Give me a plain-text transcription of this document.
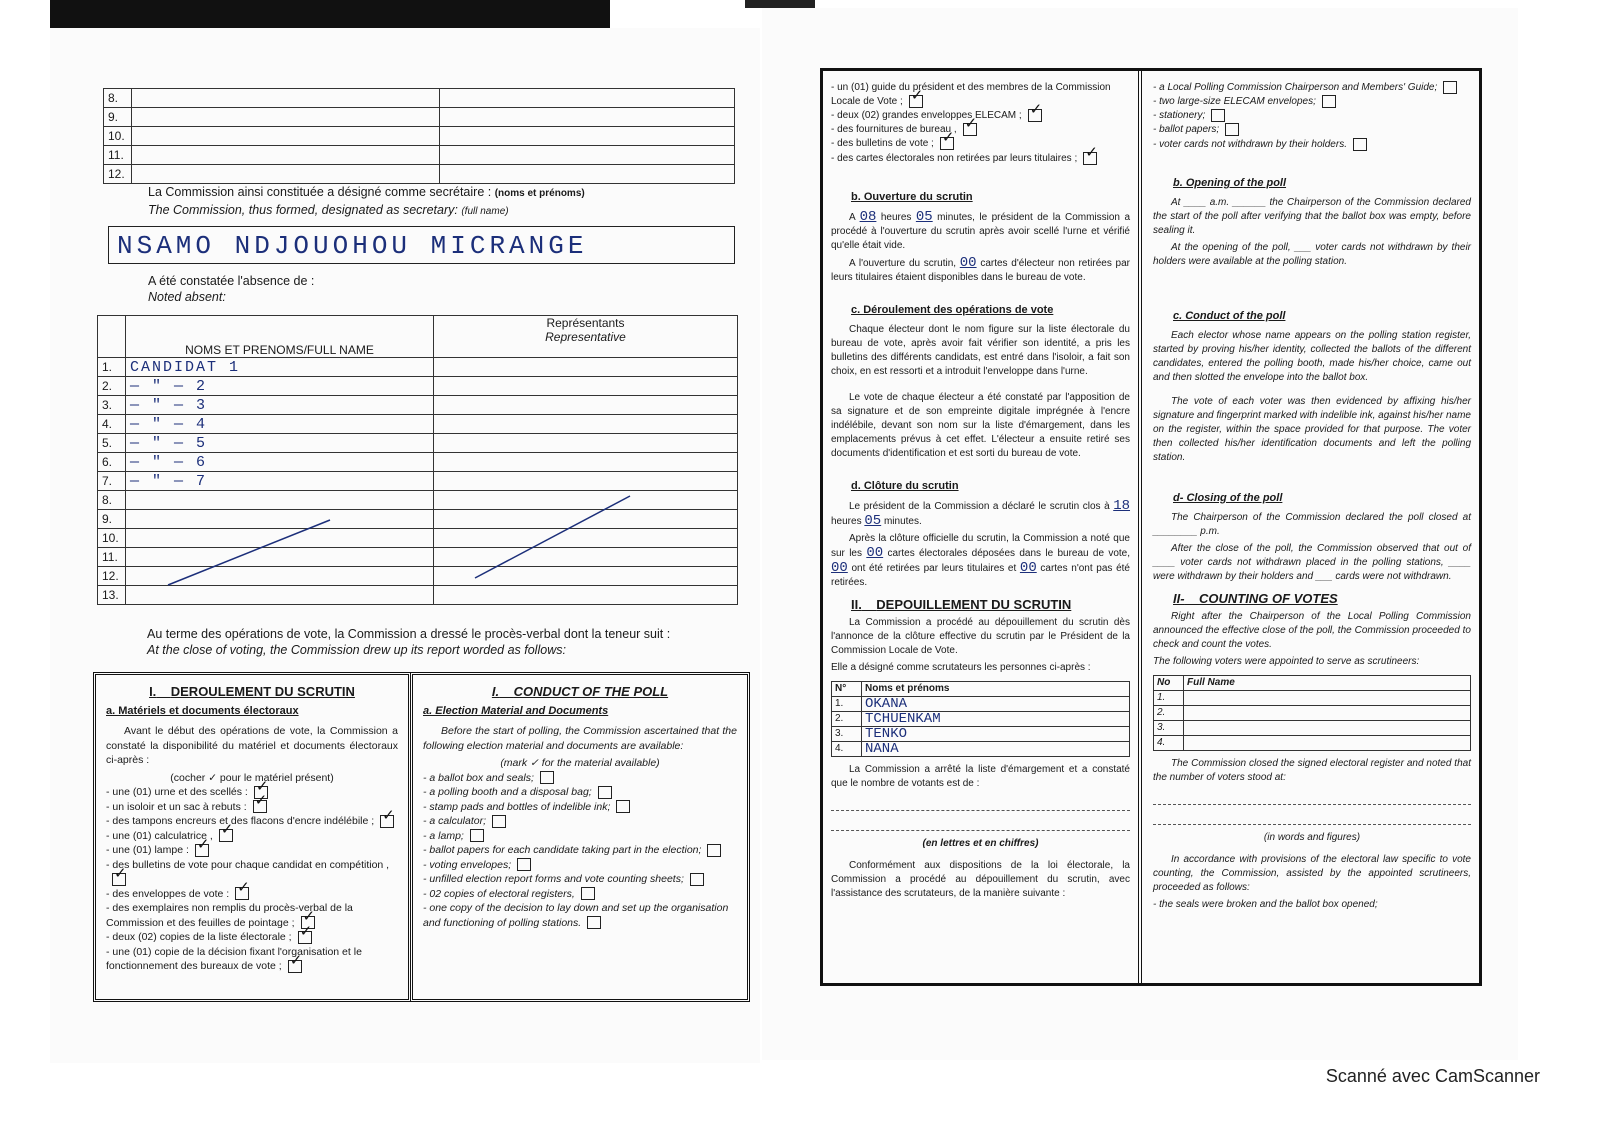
8.		
9.		
10.		
11.		
12.		
La Commission ainsi constituée a désigné comme secrétaire : (noms et prénoms)
The Commission, thus formed, designated as secretary: (full name)
NSAMO NDJOUOHOU MICRANGE
A été constatée l'absence de :
Noted absent:
	NOMS ET PRENOMS/FULL NAME	Représentants
Representative

1.	CANDIDAT 1	
2.	— " — 2	
3.	— " — 3	
4.	— " — 4	
5.	— " — 5	
6.	— " — 6	
7.	— " — 7	
8.		
9.		
10.		
11.		
12.		
13.		
Au terme des opérations de vote, la Commission a dressé le procès-verbal dont la teneur suit :
At the close of voting, the Commission drew up its report worded as follows:
I. DEROULEMENT DU SCRUTIN
a. Matériels et documents électoraux
Avant le début des opérations de vote, la Commission a constaté la disponibilité du matériel et documents électoraux ci-après :
(cocher ✓ pour le matériel présent)
- une (01) urne et des scellés :✓
- un isoloir et un sac à rebuts :✓
- des tampons encreurs et des flacons d'encre indélébile ;✓
- une (01) calculatrice ,✓
- une (01) lampe :✓
- des bulletins de vote pour chaque candidat en compétition ,✓
- des enveloppes de vote :✓
- des exemplaires non remplis du procès-verbal de la Commission et des feuilles de pointage ;✓
- deux (02) copies de la liste électorale ;✓
- une (01) copie de la décision fixant l'organisation et le fonctionnement des bureaux de vote ;✓
I. CONDUCT OF THE POLL
a. Election Material and Documents
Before the start of polling, the Commission ascertained that the following election material and documents are available:
(mark ✓ for the material available)
- a ballot box and seals;
- a polling booth and a disposal bag;
- stamp pads and bottles of indelible ink;
- a calculator;
- a lamp;
- ballot papers for each candidate taking part in the election;
- voting envelopes;
- unfilled election report forms and vote counting sheets;
- 02 copies of electoral registers,
- one copy of the decision to lay down and set up the organisation and functioning of polling stations.
- un (01) guide du président et des membres de la Commission Locale de Vote ;✓
- deux (02) grandes enveloppes ELECAM ;✓
- des fournitures de bureau ,✓
- des bulletins de vote ;✓
- des cartes électorales non retirées par leurs titulaires ;✓
b. Ouverture du scrutin
A 08 heures 05 minutes, le président de la Commission a procédé à l'ouverture du scrutin après avoir scellé l'urne et vérifié qu'elle était vide.
A l'ouverture du scrutin, 00 cartes d'électeur non retirées par leurs titulaires étaient disponibles dans le bureau de vote.
c. Déroulement des opérations de vote
Chaque électeur dont le nom figure sur la liste électorale du bureau de vote, après avoir fait vérifier son identité, a pris les bulletins des différents candidats, est entré dans l'isoloir, a fait son choix, en est ressorti et a introduit l'enveloppe dans l'urne.
Le vote de chaque électeur a été constaté par l'apposition de sa signature et de son empreinte digitale imprégnée à l'encre indélébile, devant son nom sur la liste d'émargement, dans les emplacements prévus à cet effet. L'électeur a ensuite retiré ses documents d'identification et est sorti du bureau de vote.
d. Clôture du scrutin
Le président de la Commission a déclaré le scrutin clos à 18 heures 05 minutes.
Après la clôture officielle du scrutin, la Commission a noté que sur les 00 cartes électorales déposées dans le bureau de vote, 00 ont été retirées par leurs titulaires et 00 cartes n'ont pas été retirées.
II. DEPOUILLEMENT DU SCRUTIN
La Commission a procédé au dépouillement du scrutin dès l'annonce de la clôture effective du scrutin par le Président de la Commission Locale de Vote.
Elle a désigné comme scrutateurs les personnes ci-après :
N°	Noms et prénoms
1.	OKANA
2.	TCHUENKAM
3.	TENKO
4.	NANA
La Commission a arrêté la liste d'émargement et a constaté que le nombre de votants est de :
(en lettres et en chiffres)
Conformément aux dispositions de la loi électorale, la Commission a procédé au dépouillement du scrutin, avec l'assistance des scrutateurs, de la manière suivante :
- a Local Polling Commission Chairperson and Members' Guide;
- two large-size ELECAM envelopes;
- stationery;
- ballot papers;
- voter cards not withdrawn by their holders.
b. Opening of the poll
At ____ a.m. ______ the Chairperson of the Commission declared the start of the poll after verifying that the ballot box was empty, before sealing it.
At the opening of the poll, ___ voter cards not withdrawn by their holders were available at the polling station.
c. Conduct of the poll
Each elector whose name appears on the polling station register, started by proving his/her identity, collected the ballots of the different candidates, entered the polling booth, made his/her choice, came out and then slotted the envelope into the ballot box.
The vote of each voter was then evidenced by affixing his/her signature and fingerprint marked with indelible ink, against his/her name on the register, within the space provided for that purpose. The voter then collected his/her identification documents and left the polling station.
d- Closing of the poll
The Chairperson of the Commission declared the poll closed at ________ p.m.
After the close of the poll, the Commission observed that out of ____ voter cards not withdrawn placed in the polling stations, ____ were withdrawn by their holders and ___ cards were not withdrawn.
II- COUNTING OF VOTES
Right after the Chairperson of the Local Polling Commission announced the effective close of the poll, the Commission proceeded to check and count the votes.
The following voters were appointed to serve as scrutineers:
No	Full Name
1.	
2.	
3.	
4.	
The Commission closed the signed electoral register and noted that the number of voters stood at:
(in words and figures)
In accordance with provisions of the electoral law specific to vote counting, the Commission, assisted by the appointed scrutineers, proceeded as follows:
- the seals were broken and the ballot box opened;
Scanné avec CamScanner
